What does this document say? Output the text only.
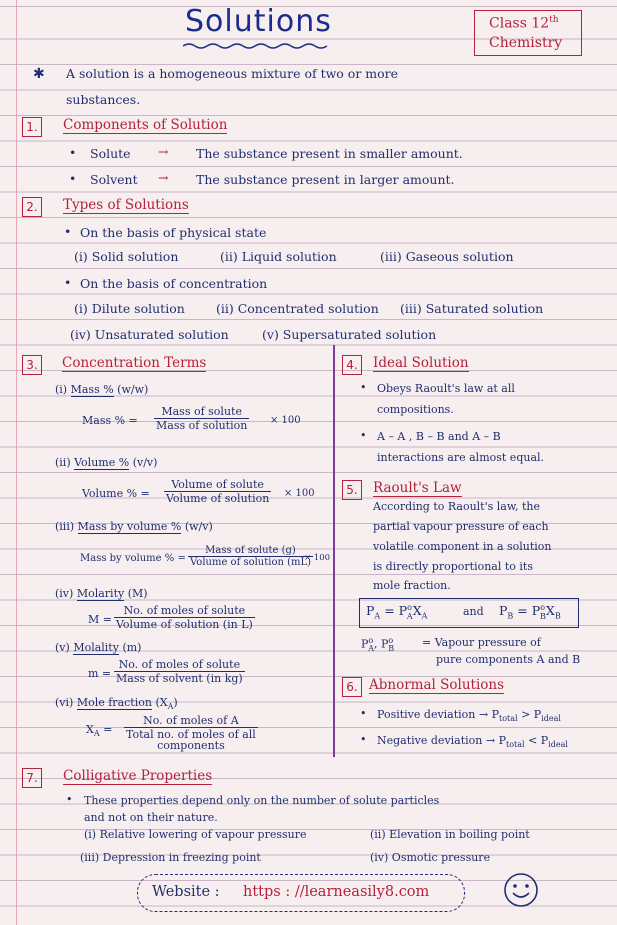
Solutions	Class 12th
Chemistry
✱ A solution is a homogeneous mixture of two or more
substances.
1.	Components of Solution
• Solute → The substance present in smaller amount.
• Solvent → The substance present in larger amount.
2.	Types of Solutions
• On the basis of physical state
(i) Solid solution	(ii) Liquid solution	(iii) Gaseous solution
• On the basis of concentration
(i) Dilute solution (ii) Concentrated solution (iii) Saturated solution
(iv) Unsaturated solution	(v) Supersaturated solution
3.	Concentration Terms
(i) Mass % (w/w)
Mass % =
Mass of solute
Mass of solution × 100
(ii) Volume % (v/v)
Volume % =
Volume of solute
Volume of solution × 100
(iii) Mass by volume % (w/v)
Mass by volume % =
Mass of solute (g)
Volume of solution (mL)
× 100
(iv) Molarity (M)
M =
No. of moles of solute
Volume of solution (in L)
(v) Molality (m)
m =
No. of moles of solute
Mass of solvent (in kg)
(vi) Mole fraction $(X_A)$
$X_A$ =
No. of moles of A
Total no. of moles of all
components
4.	Ideal Solution
• Obeys Raoult's law at all
compositions.
• A – A , B – B and A – B
interactions are almost equal.
5.	Raoult's Law
According to Raoult's law, the
partial vapour pressure of each
volatile component in a solution
is directly proportional to its
mole fraction.
$P_A = P^o_AX_A$	and $P_B = P^o_BX_B$
$P^o_A$, $P^o_B$	= Vapour pressure of
pure components A and B
6. Abnormal Solutions
• Positive deviation → $P_{total} > P_{ideal}$
• Negative deviation → $P_{total} < P_{ideal}$
7.	Colligative Properties
• These properties depend only on the number of solute particles
and not on their nature.
(i) Relative lowering of vapour pressure	(ii) Elevation in boiling point
(iii) Depression in freezing point	(iv) Osmotic pressure
Website : https : //learneasily8.com
